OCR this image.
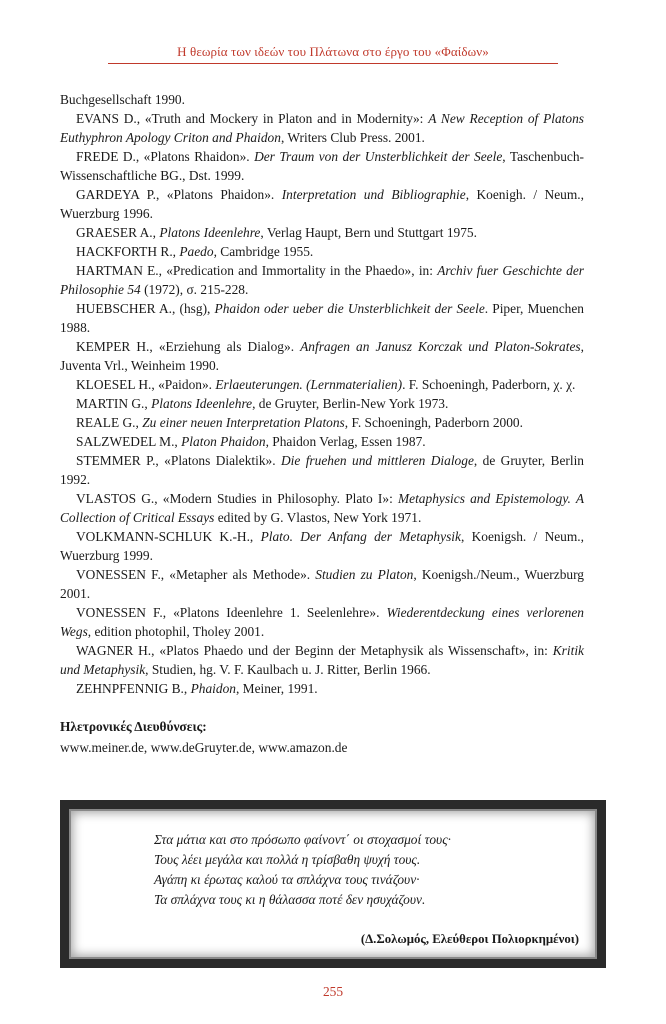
Η θεωρία των ιδεών του Πλάτωνα στο έργο του «Φαίδων»

Buchgesellschaft 1990.

EVANS D., «Truth and Mockery in Platon and in Modernity»: A New Reception of Platons Euthyphron Apology Criton and Phaidon, Writers Club Press. 2001.

FREDE D., «Platons Rhaidon». Der Traum von der Unsterblichkeit der Seele, Taschenbuch-Wissenschaftliche BG., Dst. 1999.

GARDEYA P., «Platons Phaidon». Interpretation und Bibliographie, Koenigh. / Neum., Wuerzburg 1996.

GRAESER A., Platons Ideenlehre, Verlag Haupt, Bern und Stuttgart 1975.

HACKFORTH R., Paedo, Cambridge 1955.

HARTMAN E., «Predication and Immortality in the Phaedo», in: Archiv fuer Geschichte der Philosophie 54 (1972), σ. 215-228.

HUEBSCHER A., (hsg), Phaidon oder ueber die Unsterblichkeit der Seele. Piper, Muenchen 1988.

KEMPER H., «Erziehung als Dialog». Anfragen an Janusz Korczak und Platon-Sokrates, Juventa Vrl., Weinheim 1990.

KLOESEL H., «Paidon». Erlaeuterungen. (Lernmaterialien). F. Schoeningh, Paderborn, χ. χ.

MARTIN G., Platons Ideenlehre, de Gruyter, Berlin-New York 1973.

REALE G., Zu einer neuen Interpretation Platons, F. Schoeningh, Paderborn 2000.

SALZWEDEL M., Platon Phaidon, Phaidon Verlag, Essen 1987.

STEMMER P., «Platons Dialektik». Die fruehen und mittleren Dialoge, de Gruyter, Berlin 1992.

VLASTOS G., «Modern Studies in Philosophy. Plato I»: Metaphysics and Epistemology. A Collection of Critical Essays edited by G. Vlastos, New York 1971.

VOLKMANN-SCHLUK K.-H., Plato. Der Anfang der Metaphysik, Koenigsh. / Neum., Wuerzburg 1999.

VONESSEN F., «Metapher als Methode». Studien zu Platon, Koenigsh./Neum., Wuerzburg 2001.

VONESSEN F., «Platons Ideenlehre 1. Seelenlehre». Wiederentdeckung eines verlorenen Wegs, edition photophil, Tholey 2001.

WAGNER H., «Platos Phaedo und der Beginn der Metaphysik als Wissenschaft», in: Kritik und Metaphysik, Studien, hg. V. F. Kaulbach u. J. Ritter, Berlin 1966.

ZEHNPFENNIG B., Phaidon, Meiner, 1991.

Ηλετρονικές Διευθύνσεις:
www.meiner.de, www.deGruyter.de, www.amazon.de
Στα μάτια και στο πρόσωπο φαίνοντ΄ οι στοχασμοί τους·
Τους λέει μεγάλα και πολλά η τρίσβαθη ψυχή τους.
Αγάπη κι έρωτας καλού τα σπλάχνα τους τινάζουν·
Τα σπλάχνα τους κι η θάλασσα ποτέ δεν ησυχάζουν.
(Δ.Σολωμός, Ελεύθεροι Πολιορκημένοι)
255
